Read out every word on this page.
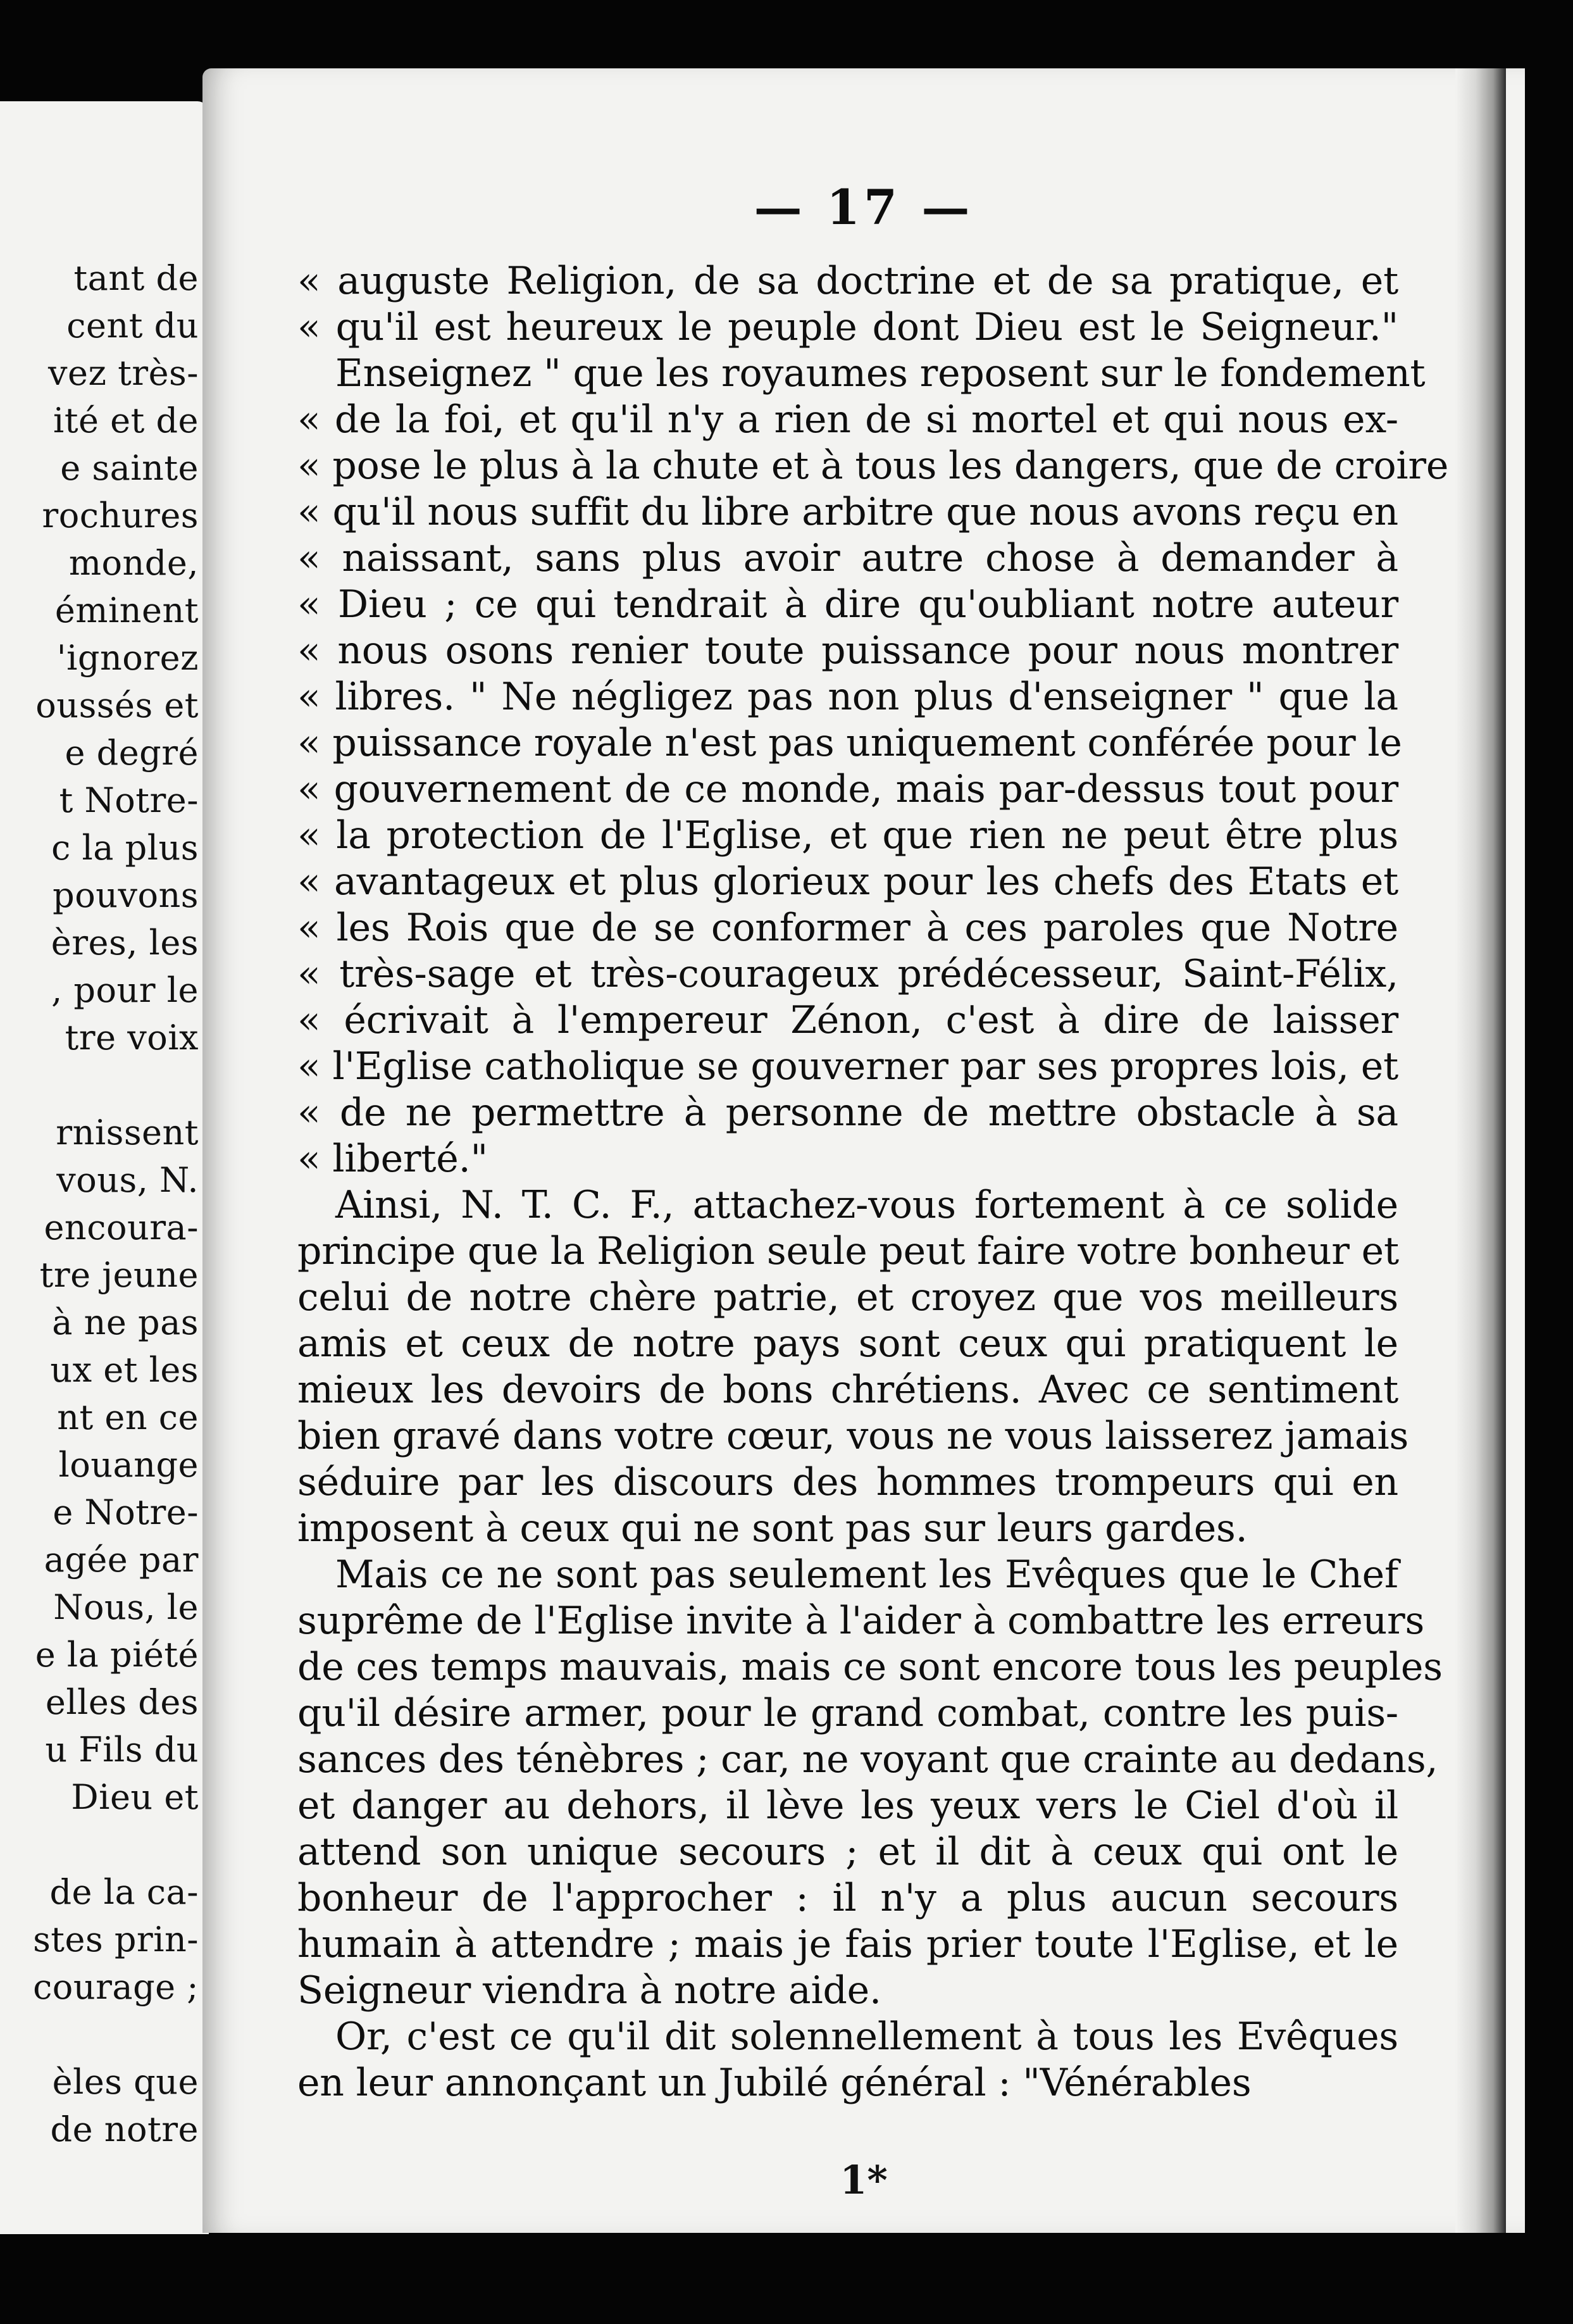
tant de
cent du
vez très-
ité et de
e sainte
rochures
monde,
éminent
'ignorez
oussés et
e degré
t Notre-
c la plus
pouvons
ères, les
, pour le
tre voix
rnissent
vous, N.
encoura-
tre jeune
à ne pas
ux et les
nt en ce
louange
e Notre-
agée par
Nous, le
e la piété
elles des
u Fils du
Dieu et
de la ca-
stes prin-
courage ;
èles que
de notre
— 17 —
« auguste Religion, de sa doctrine et de sa pratique, et
« qu'il est heureux le peuple dont Dieu est le Seigneur."
Enseignez " que les royaumes reposent sur le fondement
« de la foi, et qu'il n'y a rien de si mortel et qui nous ex-
« pose le plus à la chute et à tous les dangers, que de croire
« qu'il nous suffit du libre arbitre que nous avons reçu en
« naissant, sans plus avoir autre chose à demander à
« Dieu ; ce qui tendrait à dire qu'oubliant notre auteur
« nous osons renier toute puissance pour nous montrer
« libres. " Ne négligez pas non plus d'enseigner " que la
« puissance royale n'est pas uniquement conférée pour le
« gouvernement de ce monde, mais par-dessus tout pour
« la protection de l'Eglise, et que rien ne peut être plus
« avantageux et plus glorieux pour les chefs des Etats et
« les Rois que de se conformer à ces paroles que Notre
« très-sage et très-courageux prédécesseur, Saint-Félix,
« écrivait à l'empereur Zénon, c'est à dire de laisser
« l'Eglise catholique se gouverner par ses propres lois, et
« de ne permettre à personne de mettre obstacle à sa
« liberté."
Ainsi, N. T. C. F., attachez-vous fortement à ce solide
principe que la Religion seule peut faire votre bonheur et
celui de notre chère patrie, et croyez que vos meilleurs
amis et ceux de notre pays sont ceux qui pratiquent le
mieux les devoirs de bons chrétiens. Avec ce sentiment
bien gravé dans votre cœur, vous ne vous laisserez jamais
séduire par les discours des hommes trompeurs qui en
imposent à ceux qui ne sont pas sur leurs gardes.
Mais ce ne sont pas seulement les Evêques que le Chef
suprême de l'Eglise invite à l'aider à combattre les erreurs
de ces temps mauvais, mais ce sont encore tous les peuples
qu'il désire armer, pour le grand combat, contre les puis-
sances des ténèbres ; car, ne voyant que crainte au dedans,
et danger au dehors, il lève les yeux vers le Ciel d'où il
attend son unique secours ; et il dit à ceux qui ont le
bonheur de l'approcher : il n'y a plus aucun secours
humain à attendre ; mais je fais prier toute l'Eglise, et le
Seigneur viendra à notre aide.
Or, c'est ce qu'il dit solennellement à tous les Evêques
en leur annonçant un Jubilé général : "Vénérables
1*
